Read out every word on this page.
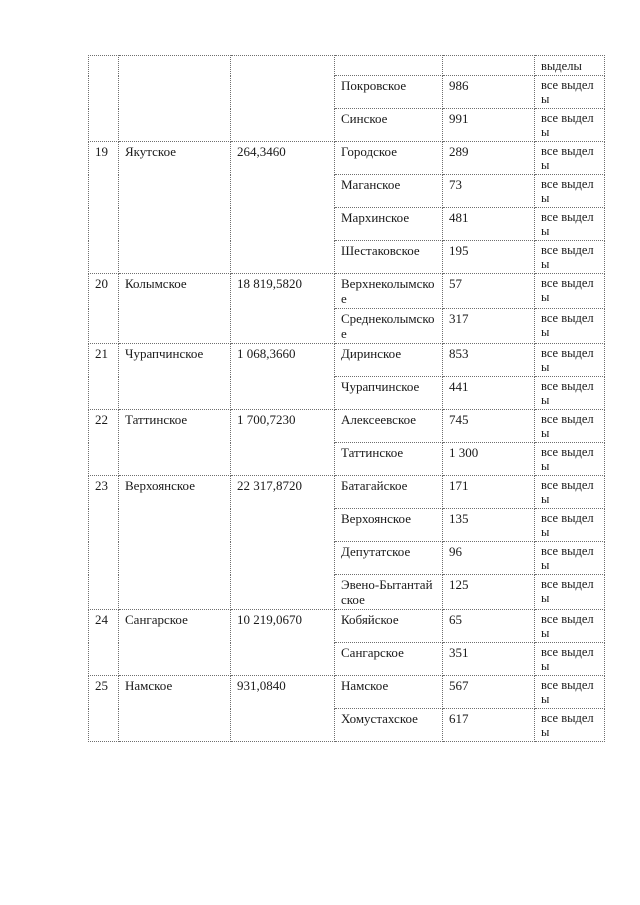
					выделы
			Покровское	986	все выделы
			Синское	991	все выделы
19	Якутское	264,3460	Городское	289	все выделы
			Маганское	73	все выделы
			Мархинское	481	все выделы
			Шестаковское	195	все выделы
20	Колымское	18 819,5820	Верхнеколымское	57	все выделы
			Среднеколымское	317	все выделы
21	Чурапчинское	1 068,3660	Диринское	853	все выделы
			Чурапчинское	441	все выделы
22	Таттинское	1 700,7230	Алексеевское	745	все выделы
			Таттинское	1 300	все выделы
23	Верхоянское	22 317,8720	Батагайское	171	все выделы
			Верхоянское	135	все выделы
			Депутатское	96	все выделы
			Эвено-Бытантайское	125	все выделы
24	Сангарское	10 219,0670	Кобяйское	65	все выделы
			Сангарское	351	все выделы
25	Намское	931,0840	Намское	567	все выделы
			Хомустахское	617	все выделы
